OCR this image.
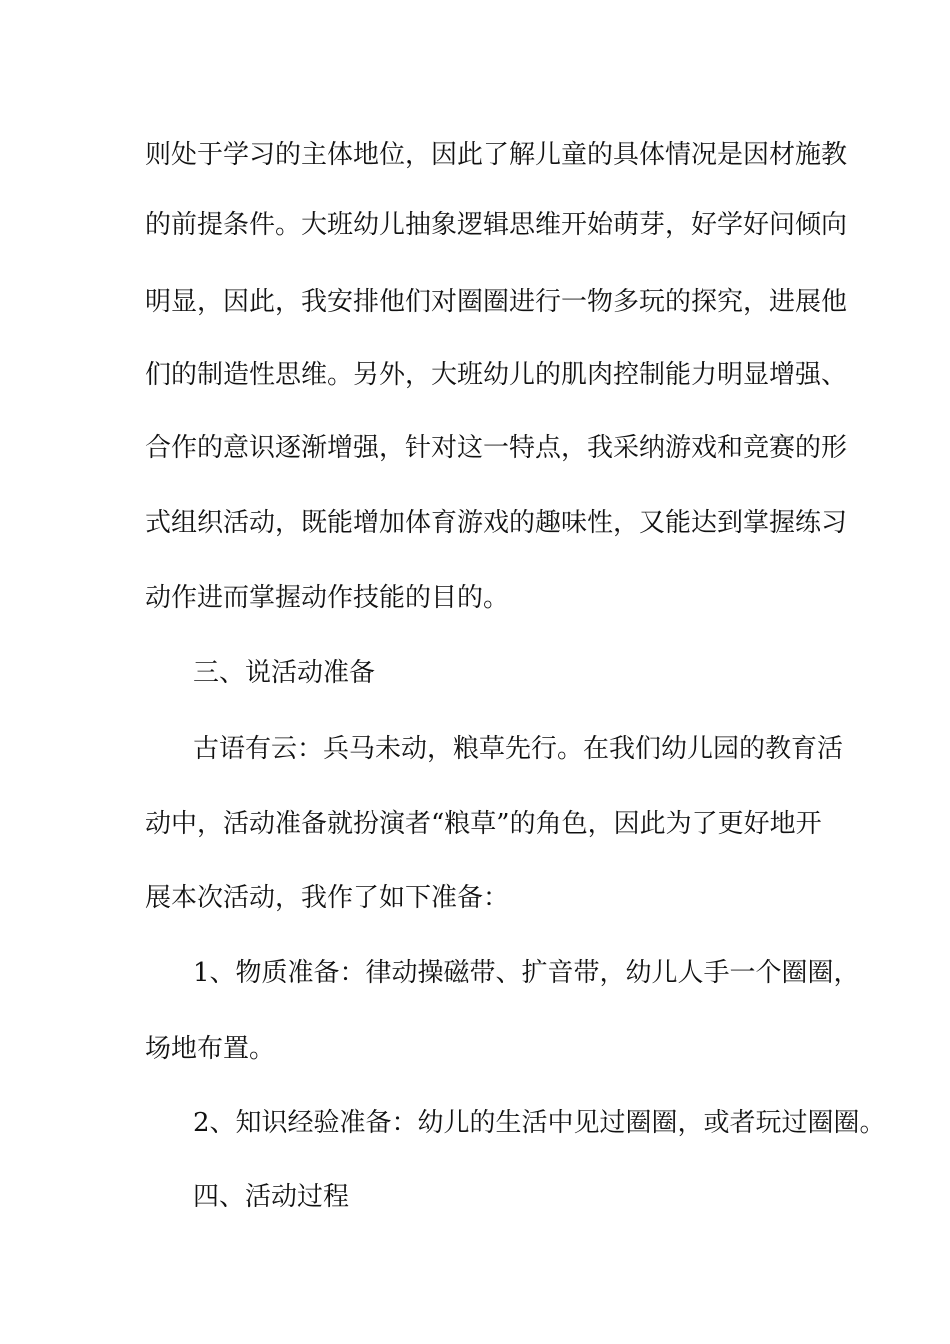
则处于学习的主体地位，因此了解儿童的具体情况是因材施教
的前提条件。大班幼儿抽象逻辑思维开始萌芽，好学好问倾向
明显，因此，我安排他们对圈圈进行一物多玩的探究，进展他
们的制造性思维。另外，大班幼儿的肌肉控制能力明显增强、
合作的意识逐渐增强，针对这一特点，我采纳游戏和竞赛的形
式组织活动，既能增加体育游戏的趣味性，又能达到掌握练习
动作进而掌握动作技能的目的。
三、说活动准备
古语有云：兵马未动，粮草先行。在我们幼儿园的教育活
动中，活动准备就扮演者“粮草”的角色，因此为了更好地开
展本次活动，我作了如下准备：
1、物质准备：律动操磁带、扩音带，幼儿人手一个圈圈，
场地布置。
2、知识经验准备：幼儿的生活中见过圈圈，或者玩过圈圈。
四、活动过程
